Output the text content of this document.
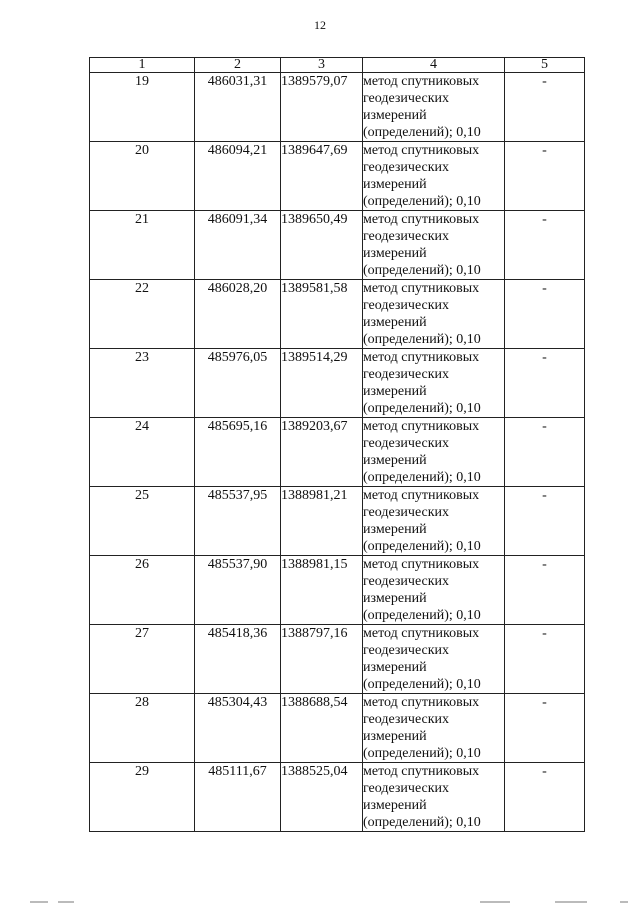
12
1	2	3	4	5
19	486031,31	1389579,07	метод спутниковых
геодезических
измерений
(определений); 0,10	-
20	486094,21	1389647,69	метод спутниковых
геодезических
измерений
(определений); 0,10	-
21	486091,34	1389650,49	метод спутниковых
геодезических
измерений
(определений); 0,10	-
22	486028,20	1389581,58	метод спутниковых
геодезических
измерений
(определений); 0,10	-
23	485976,05	1389514,29	метод спутниковых
геодезических
измерений
(определений); 0,10	-
24	485695,16	1389203,67	метод спутниковых
геодезических
измерений
(определений); 0,10	-
25	485537,95	1388981,21	метод спутниковых
геодезических
измерений
(определений); 0,10	-
26	485537,90	1388981,15	метод спутниковых
геодезических
измерений
(определений); 0,10	-
27	485418,36	1388797,16	метод спутниковых
геодезических
измерений
(определений); 0,10	-
28	485304,43	1388688,54	метод спутниковых
геодезических
измерений
(определений); 0,10	-
29	485111,67	1388525,04	метод спутниковых
геодезических
измерений
(определений); 0,10	-
